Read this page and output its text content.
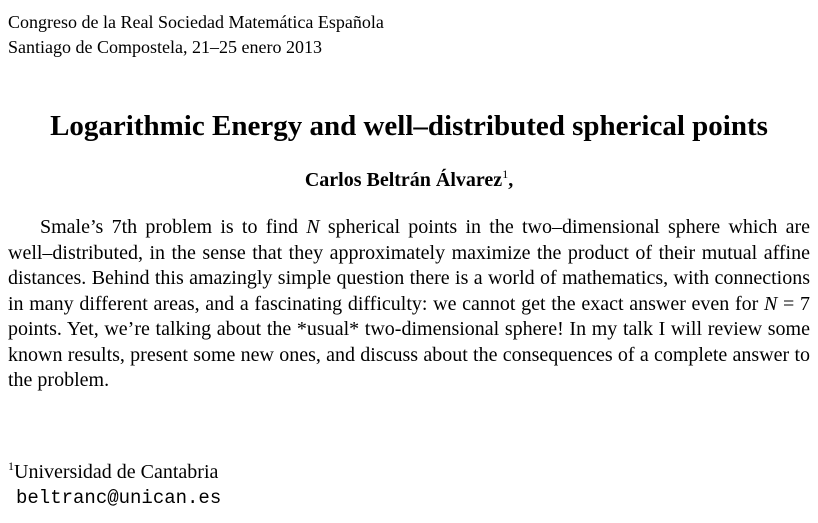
Congreso de la Real Sociedad Matemática Española
Santiago de Compostela, 21–25 enero 2013
Logarithmic Energy and well–distributed spherical points
Carlos Beltrán Álvarez$^1$,
Smale’s 7th problem is to find N spherical points in the two–dimensional sphere which are well–distributed, in the sense that they approximately maximize the product of their mutual affine distances. Behind this amazingly simple question there is a world of mathematics, with connections in many different areas, and a fascinating difficulty: we cannot get the exact answer even for N = 7 points. Yet, we’re talking about the *usual* two-dimensional sphere! In my talk I will review some known results, present some new ones, and discuss about the consequences of a complete answer to the problem.
$^1$Universidad de Cantabria
beltranc@unican.es
